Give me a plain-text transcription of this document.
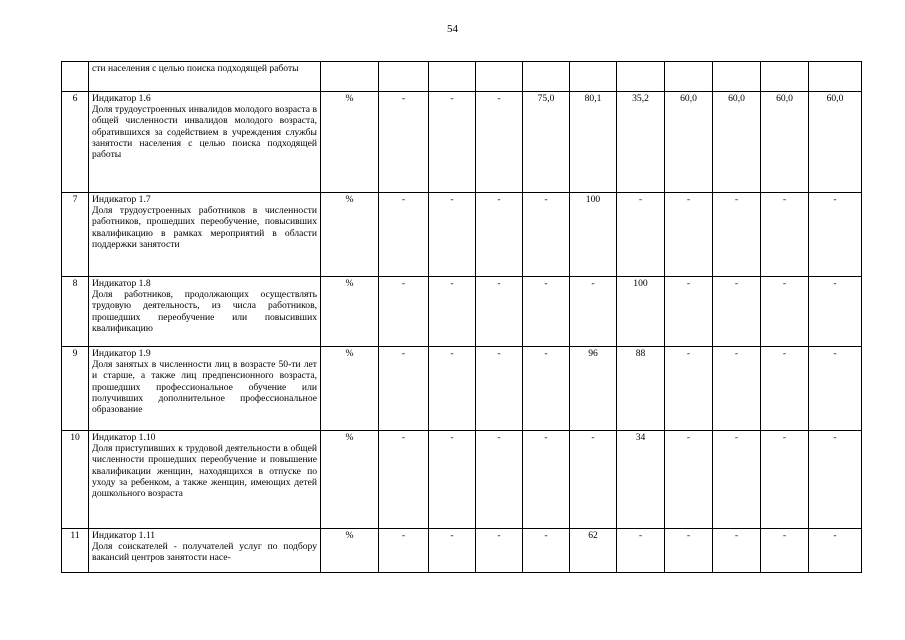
54

	сти населения с целью поиска подходящей работы											

6	Индикатор 1.6
Доля трудоустроенных инвалидов молодого возраста в общей численности инвалидов молодого возраста, обратившихся за содействием в учреждения службы занятости населения с целью поиска подходящей работы	%	-	-	-	75,0	80,1	35,2	60,0	60,0	60,0	60,0
7	Индикатор 1.7
Доля трудоустроенных работников в численности работников, прошедших переобучение, повысивших квалификацию в рамках мероприятий в области поддержки занятости	%	-	-	-	-	100	-	-	-	-	-
8	Индикатор 1.8
Доля работников, продолжающих осуществлять трудовую деятельность, из числа работников, прошедших переобучение или повысивших квалификацию	%	-	-	-	-	-	100	-	-	-	-
9	Индикатор 1.9
Доля занятых в численности лиц в возрасте 50-ти лет и старше, а также лиц предпенсионного возраста, прошедших профессиональное обучение или получивших дополнительное профессиональное образование	%	-	-	-	-	96	88	-	-	-	-
10	Индикатор 1.10
Доля приступивших к трудовой деятельности в общей численности прошедших переобучение и повышение квалификации женщин, находящихся в отпуске по уходу за ребенком, а также женщин, имеющих детей дошкольного возраста	%	-	-	-	-	-	34	-	-	-	-
11	Индикатор 1.11
Доля соискателей - получателей услуг по подбору вакансий центров занятости насе-	%	-	-	-	-	62	-	-	-	-	-
